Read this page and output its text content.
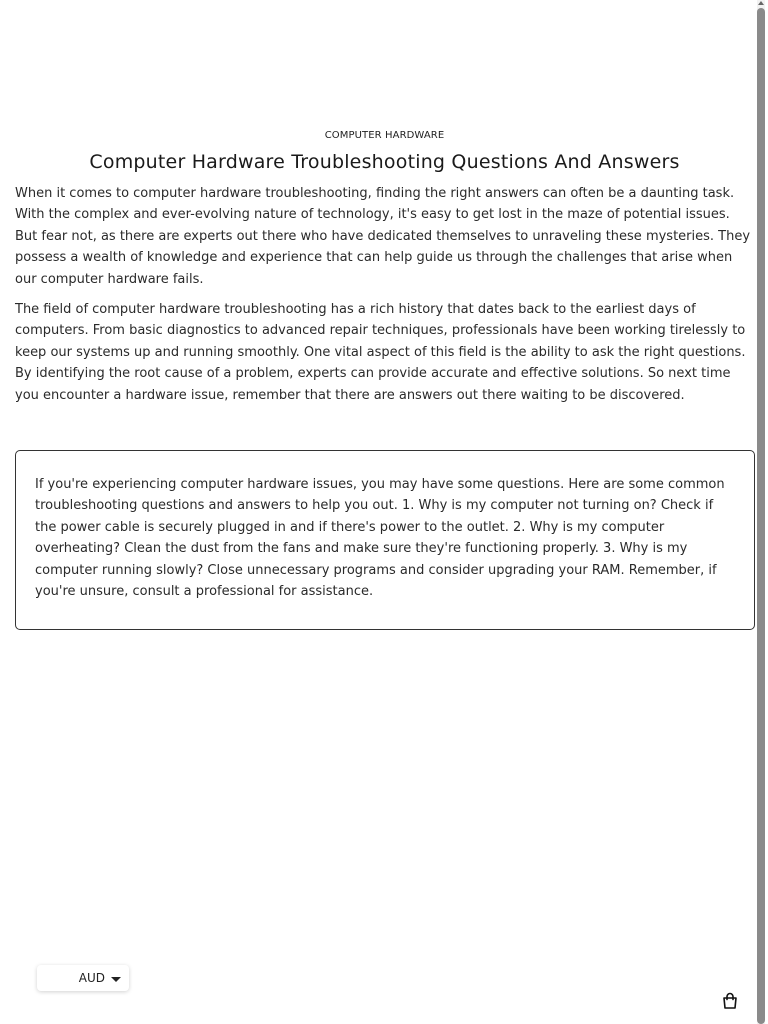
COMPUTER HARDWARE
Computer Hardware Troubleshooting Questions And Answers

When it comes to computer hardware troubleshooting, finding the right answers can often be a daunting task. With the complex and ever-evolving nature of technology, it's easy to get lost in the maze of potential issues. But fear not, as there are experts out there who have dedicated themselves to unraveling these mysteries. They possess a wealth of knowledge and experience that can help guide us through the challenges that arise when our computer hardware fails.

The field of computer hardware troubleshooting has a rich history that dates back to the earliest days of computers. From basic diagnostics to advanced repair techniques, professionals have been working tirelessly to keep our systems up and running smoothly. One vital aspect of this field is the ability to ask the right questions. By identifying the root cause of a problem, experts can provide accurate and effective solutions. So next time you encounter a hardware issue, remember that there are answers out there waiting to be discovered.

If you're experiencing computer hardware issues, you may have some questions. Here are some common troubleshooting questions and answers to help you out. 1. Why is my computer not turning on? Check if the power cable is securely plugged in and if there's power to the outlet. 2. Why is my computer overheating? Clean the dust from the fans and make sure they're functioning properly. 3. Why is my computer running slowly? Close unnecessary programs and consider upgrading your RAM. Remember, if you're unsure, consult a professional for assistance.

AUD
